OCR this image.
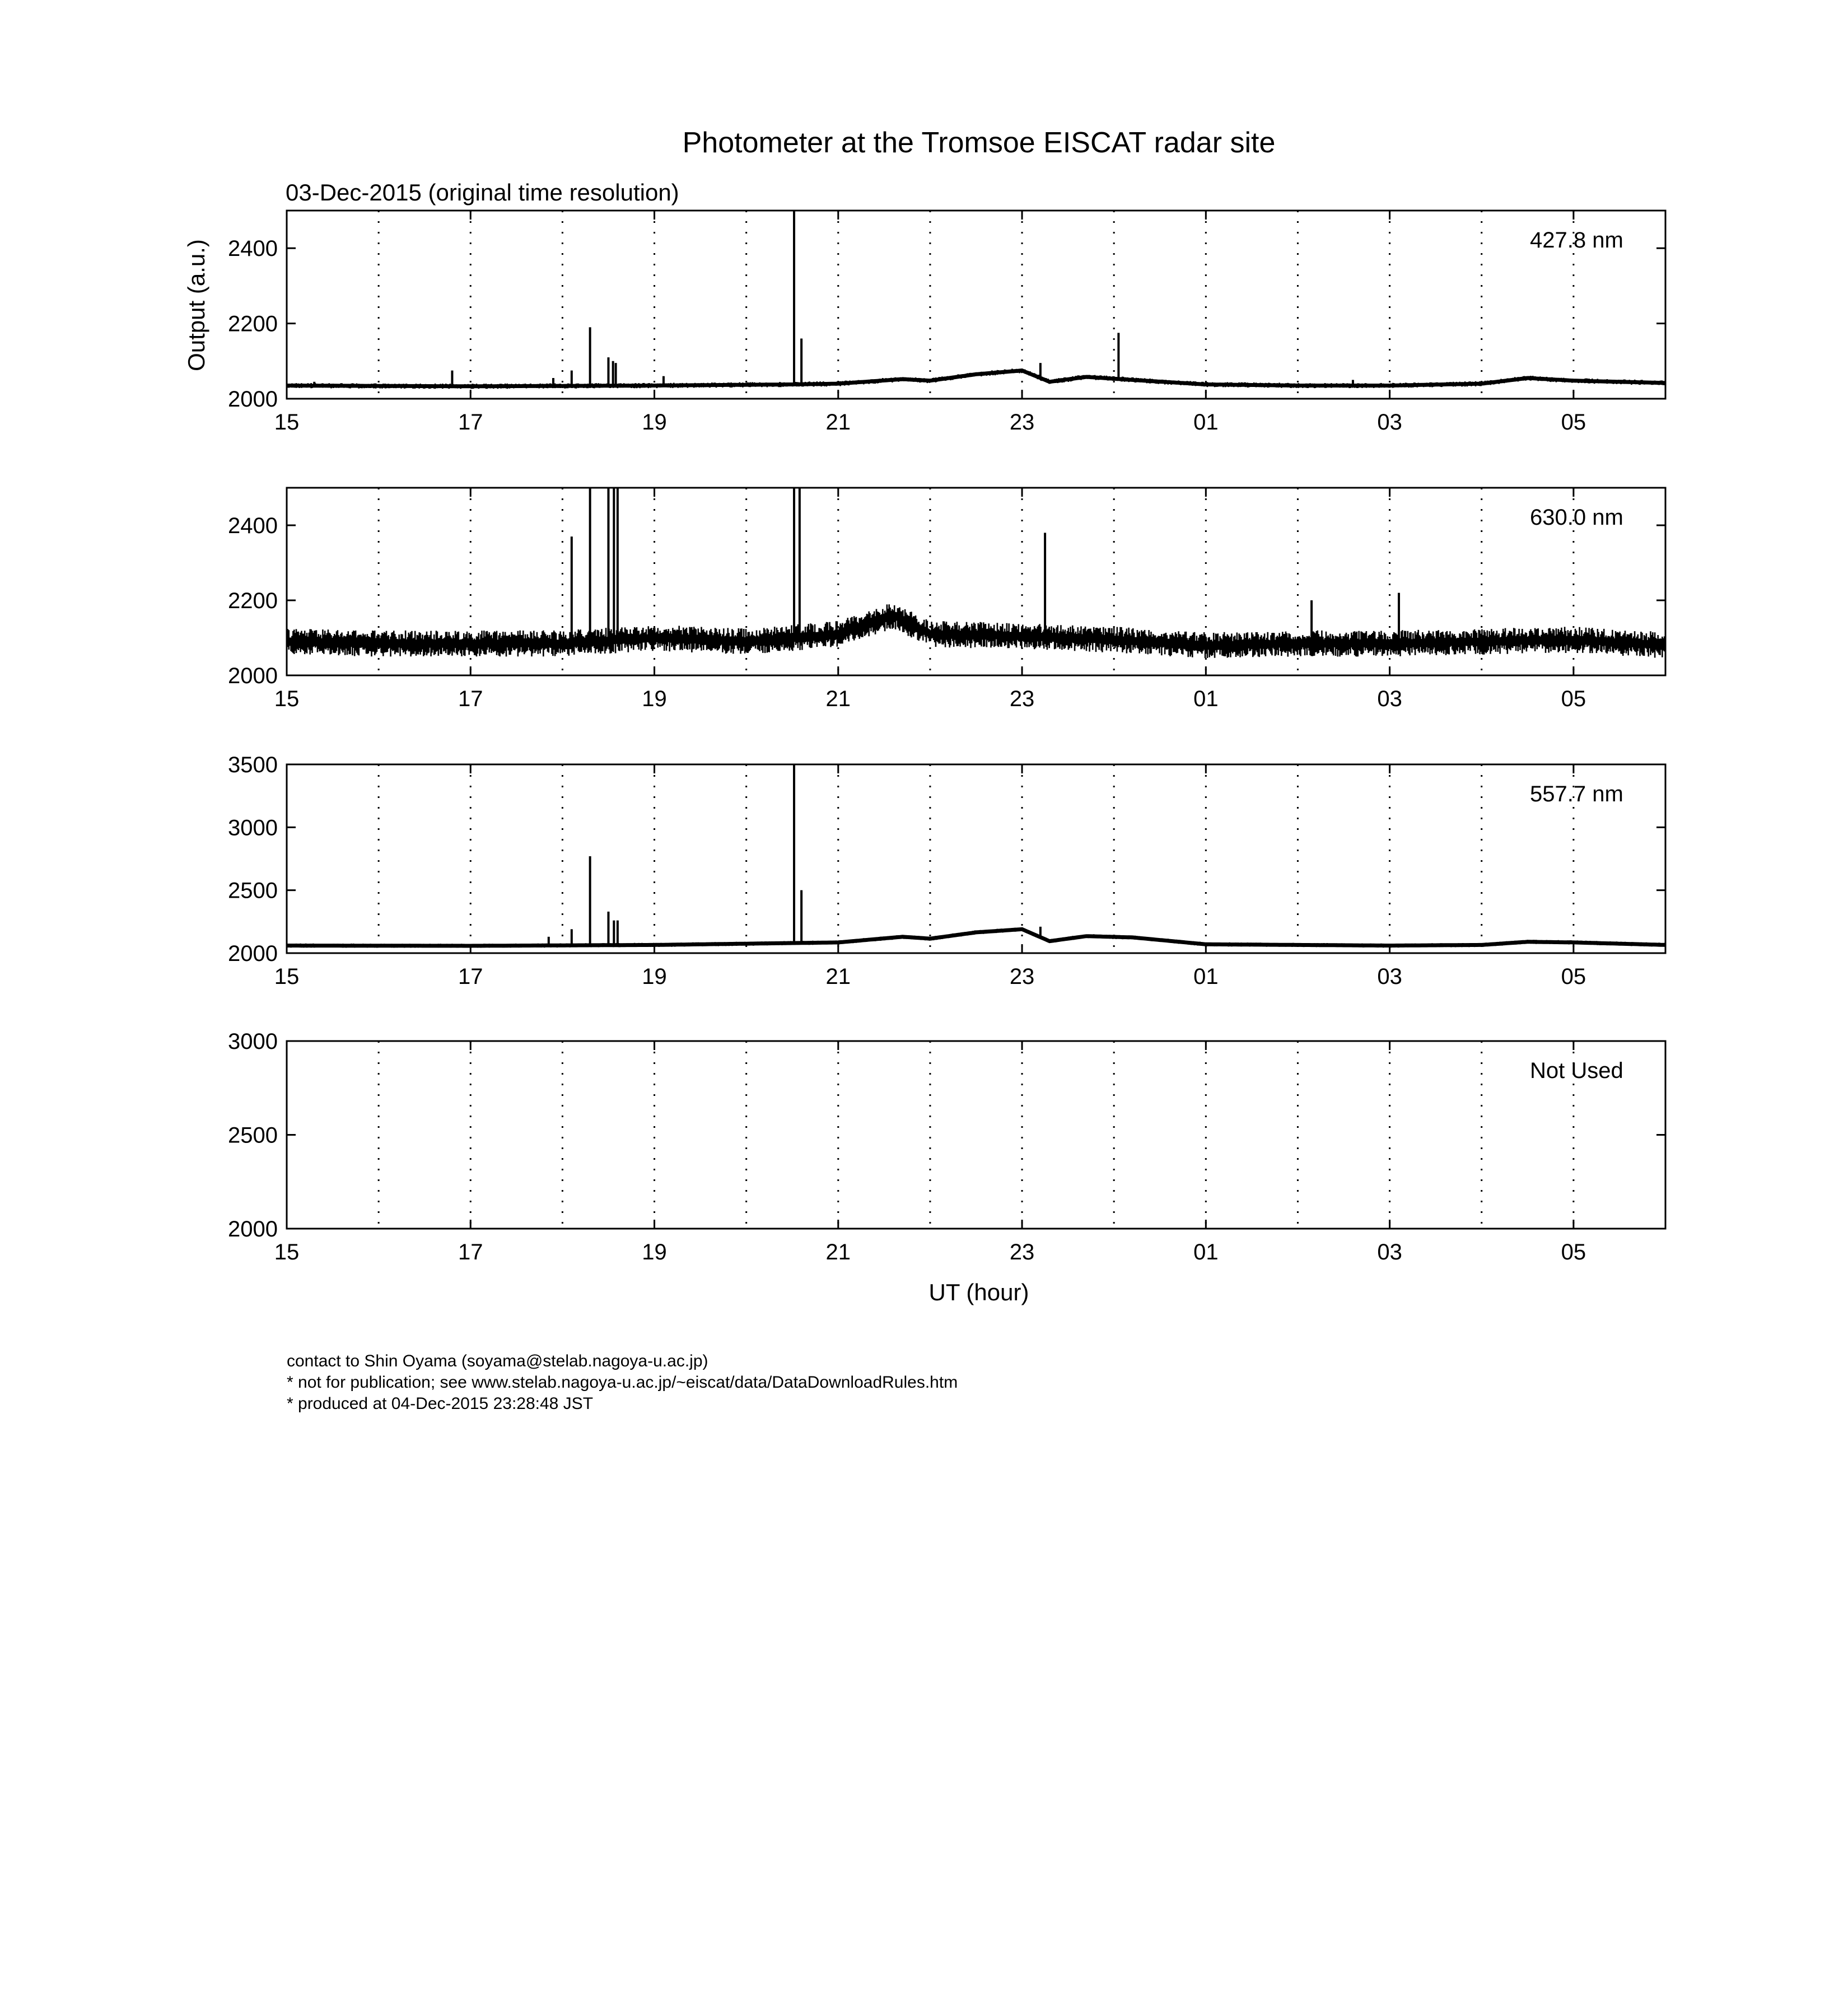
Photometer at the Tromsoe EISCAT radar site
03-Dec-2015 (original time resolution)
Output (a.u.)
15	17	19	21	23	01	03	05
2000
2200
2400	427.8 nm
15	17	19	21	23	01	03	05
2000
2200
2400	630.0 nm
15	17	19	21	23	01	03	05
2000
2500
3000
3500
557.7 nm
15	17	19	21	23	01	03	05
2000
2500
3000
Not Used
UT (hour)
contact to Shin Oyama (soyama@stelab.nagoya-u.ac.jp)
* not for publication; see www.stelab.nagoya-u.ac.jp/~eiscat/data/DataDownloadRules.htm
* produced at 04-Dec-2015 23:28:48 JST
